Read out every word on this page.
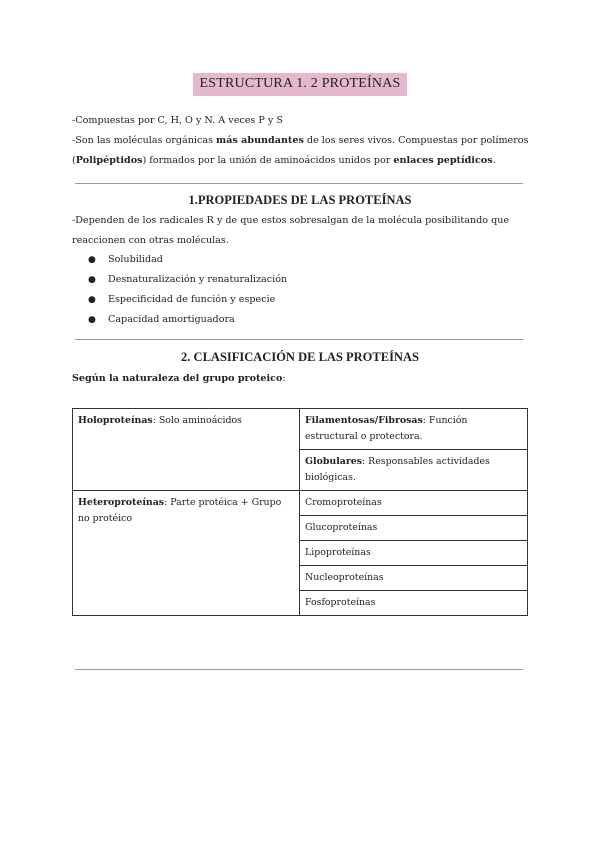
ESTRUCTURA 1. 2 PROTEÍNAS
-Compuestas por C, H, O y N. A veces P y S
-Son las moléculas orgánicas más abundantes de los seres vivos. Compuestas por polímeros
(Polipéptidos) formados por la unión de aminoácidos unidos por enlaces peptídicos.
1.PROPIEDADES DE LAS PROTEÍNAS
-Dependen de los radicales R y de que estos sobresalgan de la molécula posibilitando que
reaccionen con otras moléculas.
● Solubilidad
● Desnaturalización y renaturalización
● Especificidad de función y especie
● Capacidad amortiguadora
2. CLASIFICACIÓN DE LAS PROTEÍNAS
Según la naturaleza del grupo proteico:
Holoproteínas: Solo aminoácidos	Filamentosas/Fibrosas: Función estructural o protectora.
	Globulares: Responsables actividades biológicas.
Heteroproteínas: Parte protéica + Grupo no protéico	Cromoproteínas
	Glucoproteínas
	Lipoproteínas
	Nucleoproteínas
	Fosfoproteínas
